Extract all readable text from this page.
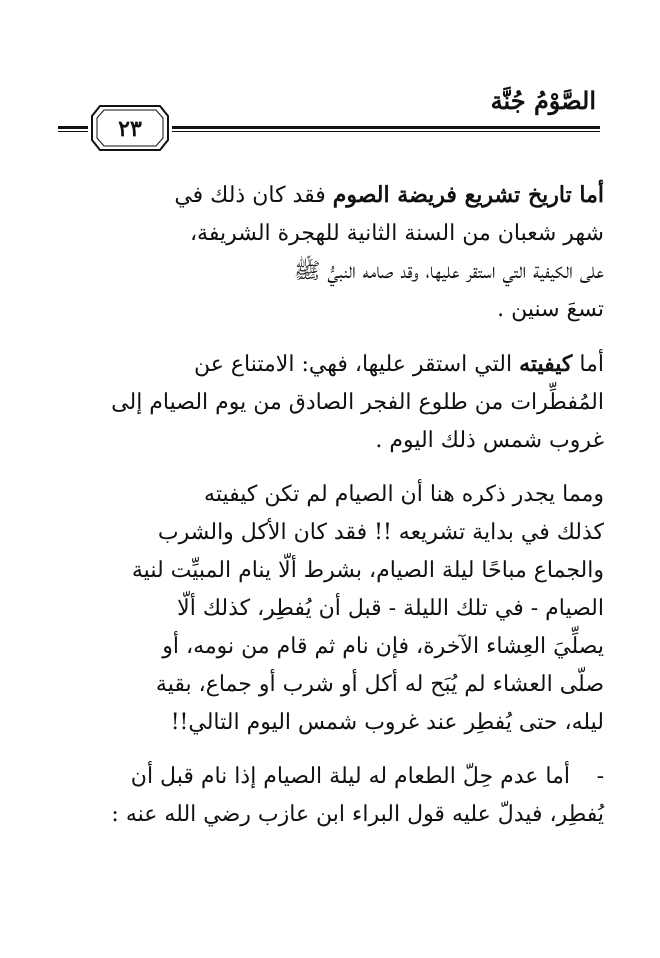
الصَّوْمُ جُنَّة
٢٣
أما تاريخ تشريع فريضة الصوم فقد كان ذلك في
شهر شعبان من السنة الثانية للهجرة الشريفة،
على الكيفية التي استقر عليها، وقد صامه النبيُّ ﷺ
تسعَ سنين .
أما كيفيته التي استقر عليها، فهي: الامتناع عن
المُفطِّرات من طلوع الفجر الصادق من يوم الصيام إلى
غروب شمس ذلك اليوم .
ومما يجدر ذكره هنا أن الصيام لم تكن كيفيته
كذلك في بداية تشريعه !! فقد كان الأكل والشرب
والجماع مباحًا ليلة الصيام، بشرط ألّا ينام المبيِّت لنية
الصيام - في تلك الليلة - قبل أن يُفطِر، كذلك ألّا
يصلِّيَ العِشاء الآخرة، فإن نام ثم قام من نومه، أو
صلّى العشاء لم يُبَح له أكل أو شرب أو جماع، بقية
ليله، حتى يُفطِر عند غروب شمس اليوم التالي!!
-أما عدم حِلّ الطعام له ليلة الصيام إذا نام قبل أن
يُفطِر، فيدلّ عليه قول البراء ابن عازب رضي الله عنه :
